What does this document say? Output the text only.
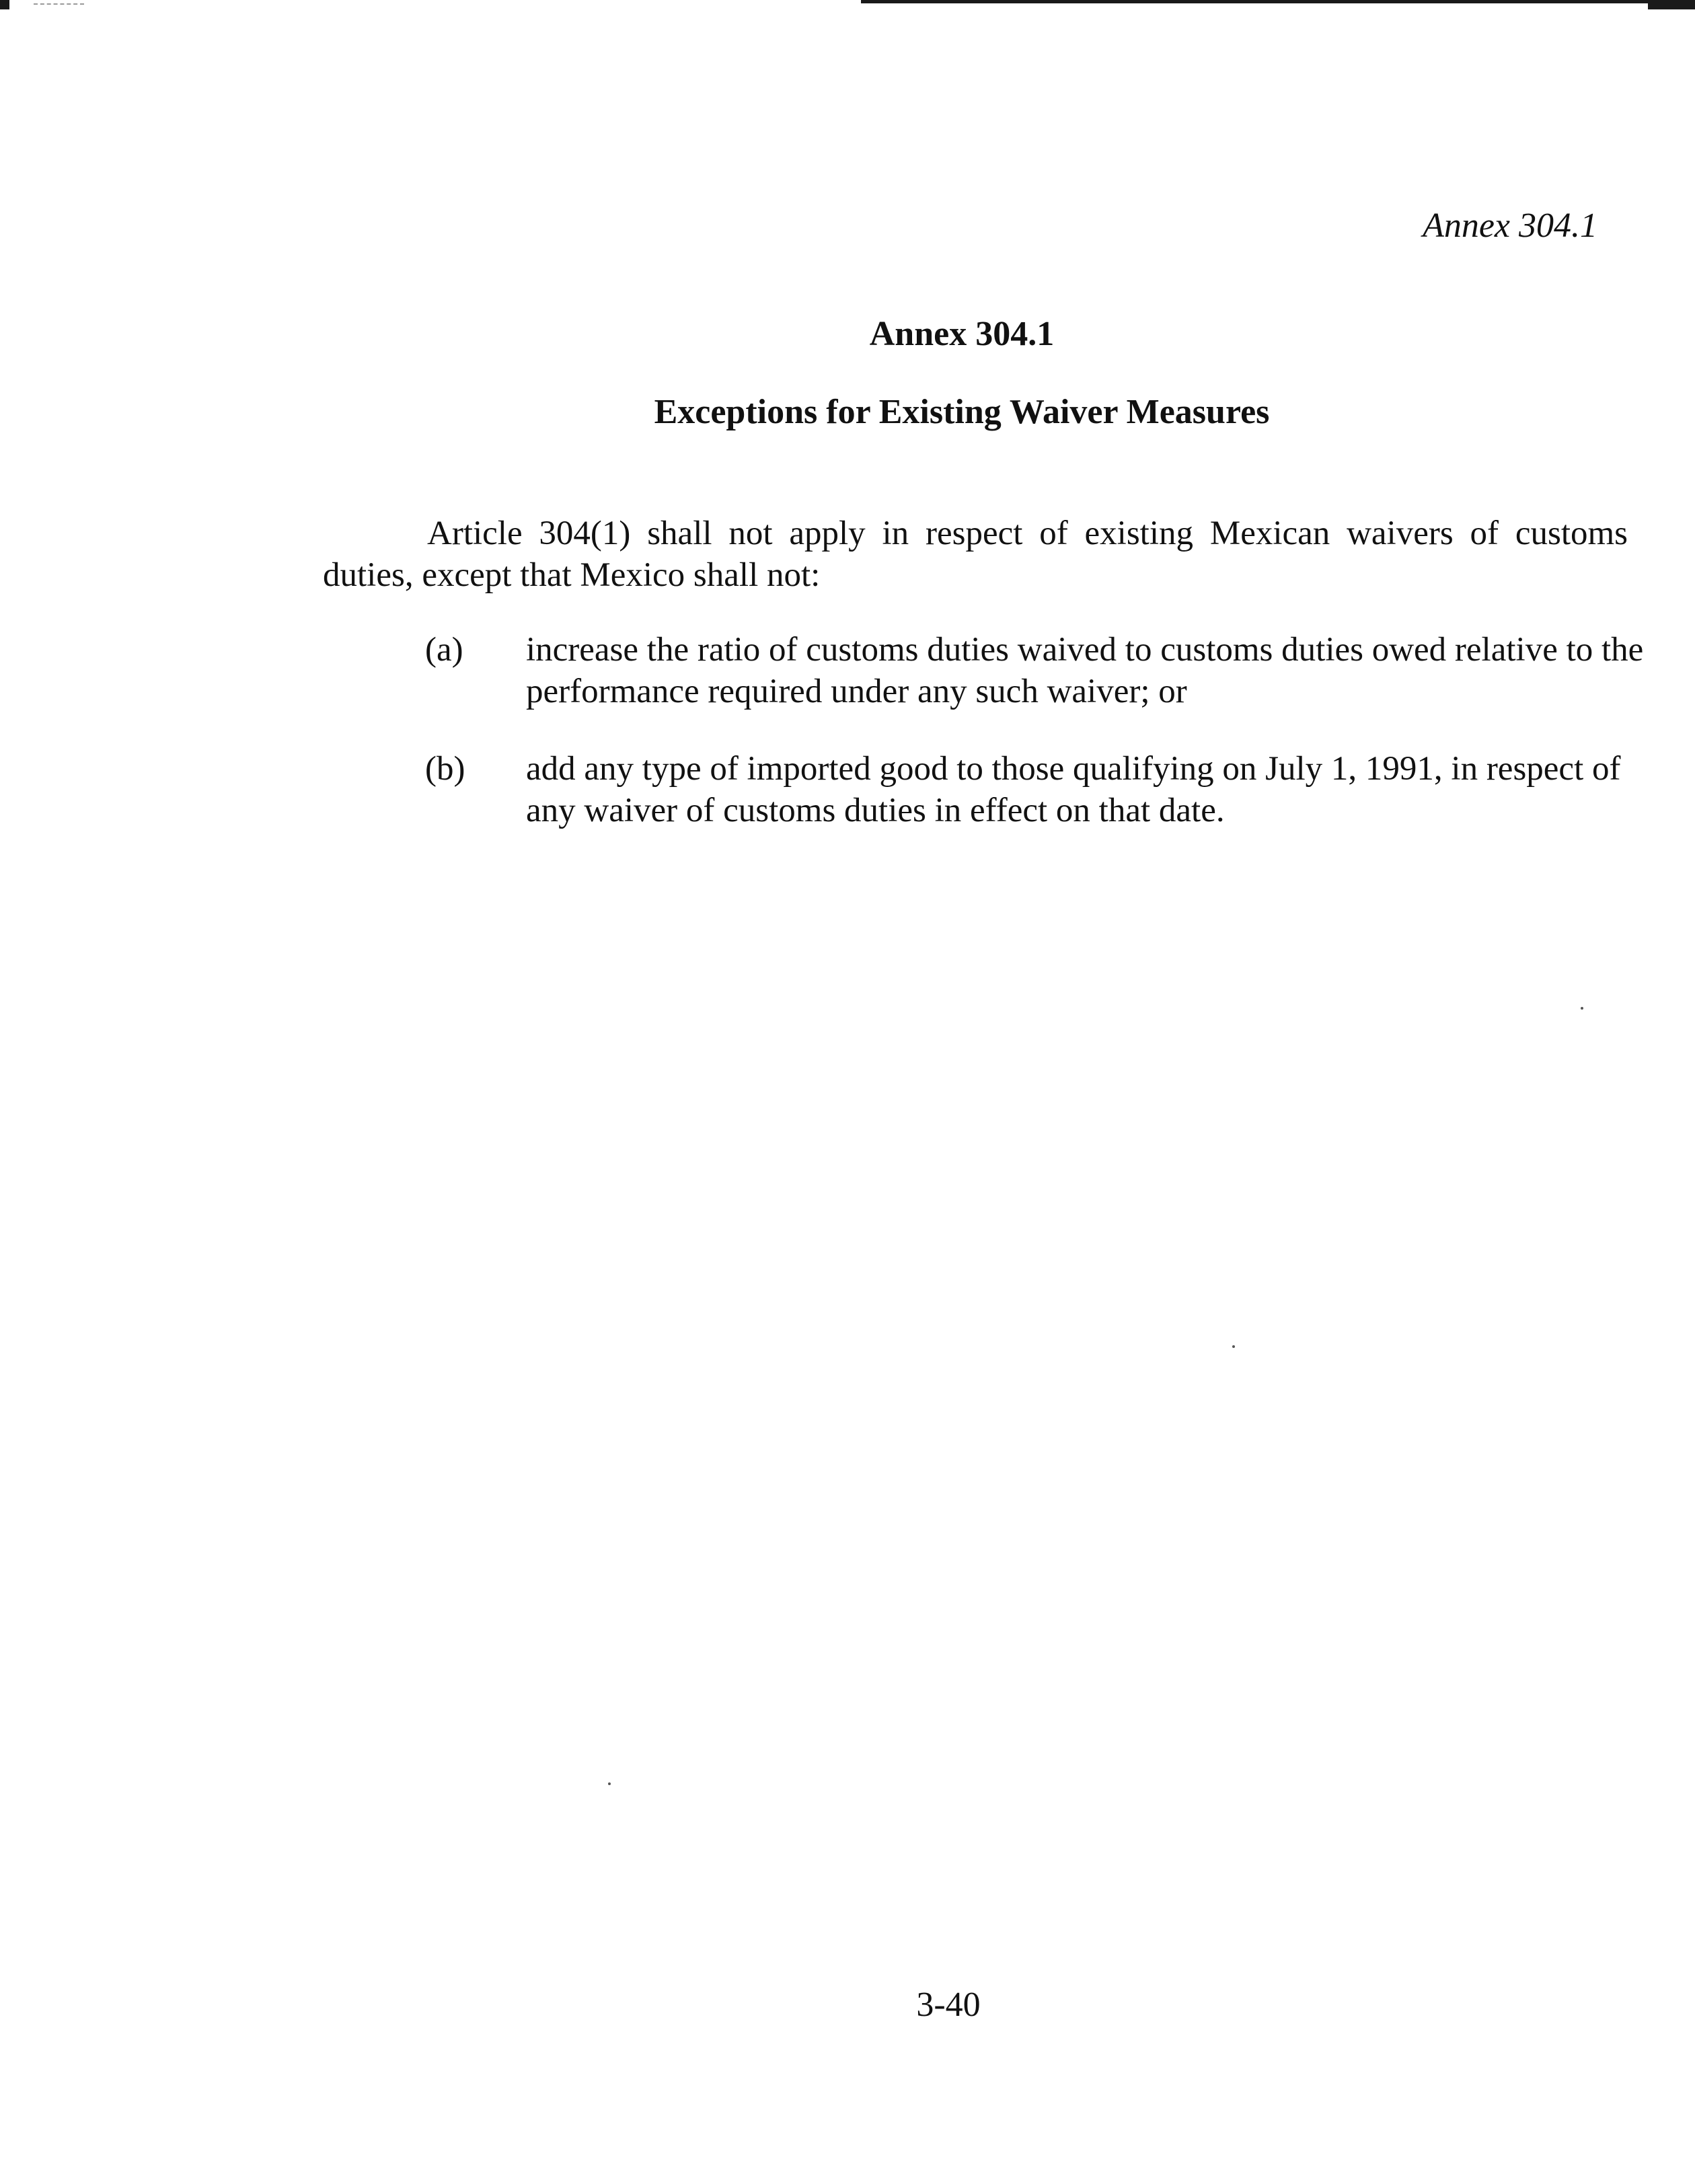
Annex 304.1
Annex 304.1
Exceptions for Existing Waiver Measures
Article 304(1) shall not apply in respect of existing Mexican waivers of customs duties, except that Mexico shall not:
(a) increase the ratio of customs duties waived to customs duties owed relative to the performance required under any such waiver; or
(b) add any type of imported good to those qualifying on July 1, 1991, in respect of any waiver of customs duties in effect on that date.
3-40
